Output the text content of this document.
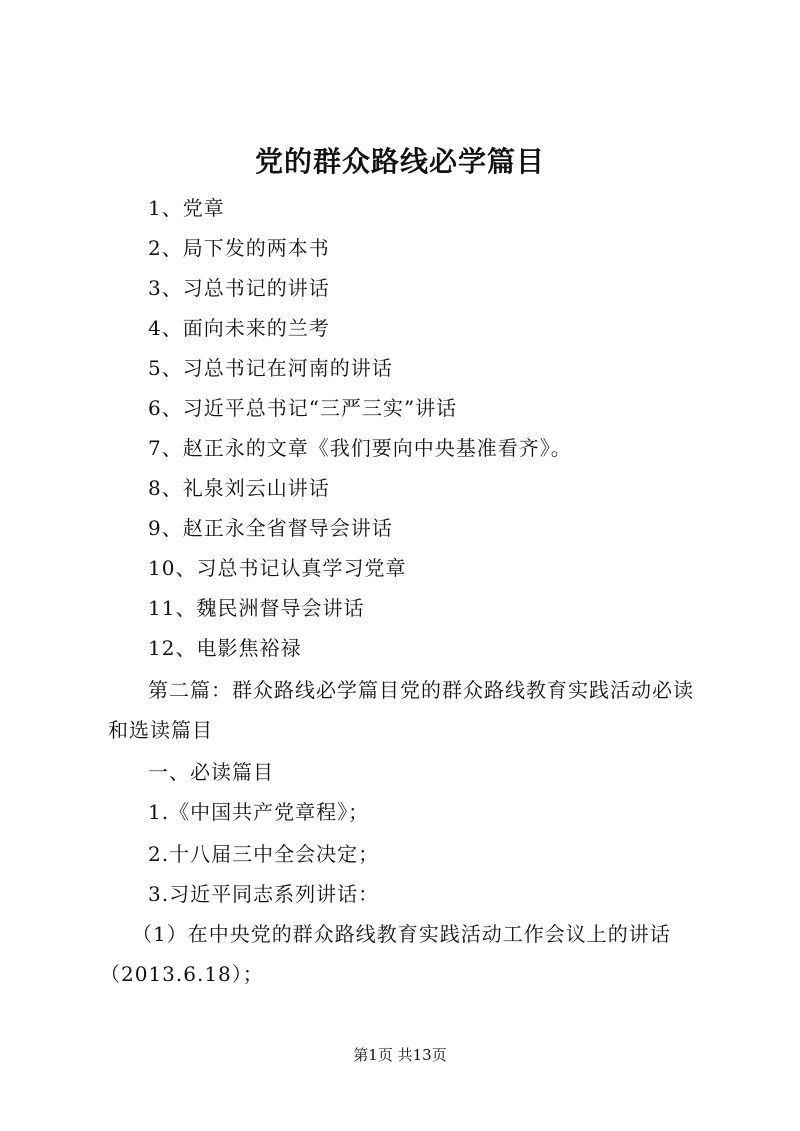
党的群众路线必学篇目
1、党章
2、局下发的两本书
3、习总书记的讲话
4、面向未来的兰考
5、习总书记在河南的讲话
6、习近平总书记“三严三实”讲话
7、赵正永的文章《我们要向中央基准看齐》。
8、礼泉刘云山讲话
9、赵正永全省督导会讲话
10、习总书记认真学习党章
11、魏民洲督导会讲话
12、电影焦裕禄
第二篇：群众路线必学篇目党的群众路线教育实践活动必读
和选读篇目
一、必读篇目
1.《中国共产党章程》；
2.十八届三中全会决定；
3.习近平同志系列讲话：
（1）在中央党的群众路线教育实践活动工作会议上的讲话
（2013.6.18）；
第1页 共13页
